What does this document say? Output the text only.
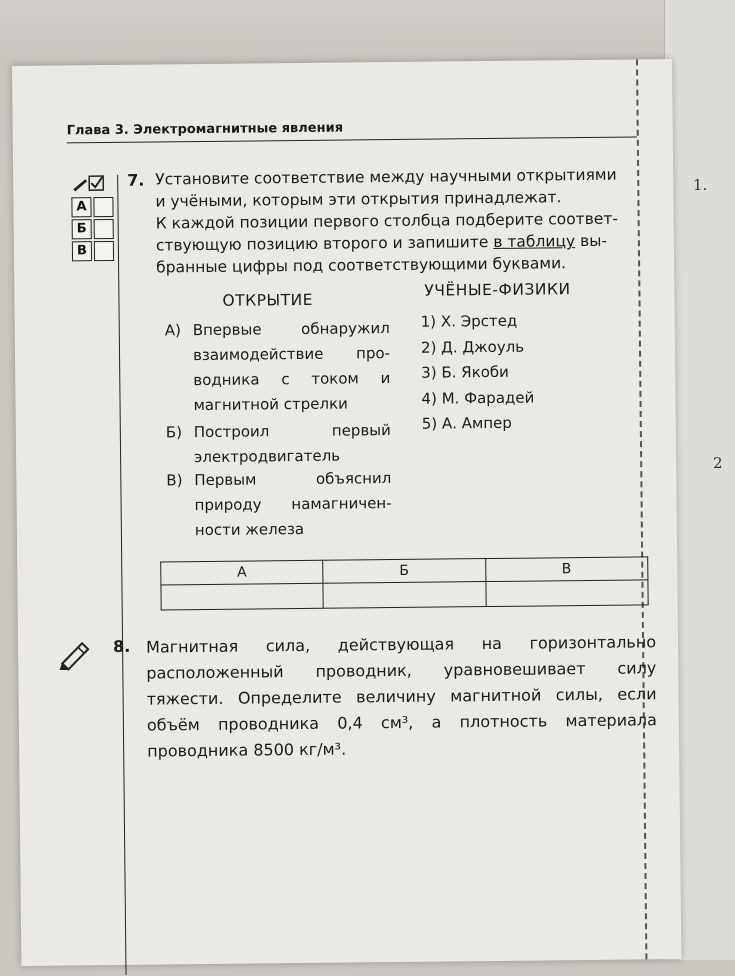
1.
2
Глава 3. Электромагнитные явления
А
Б
В
7. Установите соответствие между научными открытиями
и учёными, которым эти открытия принадлежат.
К каждой позиции первого столбца подберите соответ-
ствующую позицию второго и запишите в таблицу вы-
бранные цифры под соответствующими буквами.
ОТКРЫТИЕ
УЧЁНЫЕ-ФИЗИКИ
А) Впервые обнаружил
взаимодействие про-
водника с током и
магнитной стрелки
Б) Построил первый
электродвигатель
В) Первым объяснил
природу намагничен-
ности железа
1) Х. Эрстед
2) Д. Джоуль
3) Б. Якоби
4) М. Фарадей
5) А. Ампер
А	Б	В

8. Магнитная сила, действующая на горизонтально расположенный проводник, уравновешивает силу тяжести. Определите величину магнитной силы, если объём проводника 0,4 см³, а плотность материала проводника 8500 кг/м³.
